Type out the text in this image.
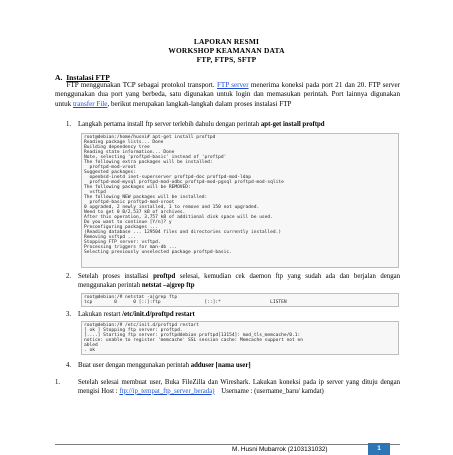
LAPORAN RESMI
WORKSHOP KEAMANAN DATA
FTP, FTPS, SFTP
A. Instalasi FTP
FTP menggunakan TCP sebagai protokol transport. FTP server menerima koneksi pada port 21 dan 20. FTP server menggunakan dua port yang berbeda, satu digunakan untuk login dan memasukan perintah. Port lainnya digunakan untuk transfer File, berikut merupakan langkah-langkah dalam proses instalasi FTP
1. Langkah pertama install ftp server terlebih dahulu dengan perintah apt-get install proftpd
root@debian:/home/husni# apt-get install proftpd
Reading package lists... Done
Building dependency tree
Reading state information... Done
Note, selecting 'proftpd-basic' instead of 'proftpd'
The following extra packages will be installed:
proftpd-mod-vroot
Suggested packages:
openbsd-inetd inet-superserver proftpd-doc proftpd-mod-ldap
proftpd-mod-mysql proftpd-mod-odbc proftpd-mod-pgsql proftpd-mod-sqlite
The following packages will be REMOVED:
vsftpd
The following NEW packages will be installed:
proftpd-basic proftpd-mod-vroot
0 upgraded, 2 newly installed, 1 to remove and 150 not upgraded.
Need to get 0 B/2,537 kB of archives.
After this operation, 3,757 kB of additional disk space will be used.
Do you want to continue [Y/n]? y
Preconfiguring packages ...
(Reading database ... 129504 files and directories currently installed.)
Removing vsftpd ...
Stopping FTP server: vsftpd.
Processing triggers for man-db ...
Selecting previously unselected package proftpd-basic.
2. Setelah proses installasi proftpd selesai, kemudian cek daemon ftp yang sudah ada dan berjalan dengan menggunakan perintah netstat –a|grep ftp
root@debian:/# netstat -a|grep ftp
tcp        0      0 [::]:ftp                [::]:*                  LISTEN
3. Lakukan restart /etc/init.d/proftpd restart
root@debian:/# /etc/init.d/proftpd restart
[ ok ] Stopping ftp server: proftpd.
[....] Starting ftp server: proftpddebian proftpd[13154]: mod_tls_memcache/0.1:
notice: unable to register 'memcache' SSL session cache: Memcache support not en
abled
. ok
4. Buat user dengan menggunakan perintah adduser [nama user]
1.	Setelah selesai membuat user, Buka FileZilla dan Wireshark. Lakukan koneksi pada ip server yang dituju dengan mengisi Host : ftp://ip_tempat_ftp_server_berada) Username : (username_baru/ kamdat)
M. Husni Mubarrok (2103131032)	1
